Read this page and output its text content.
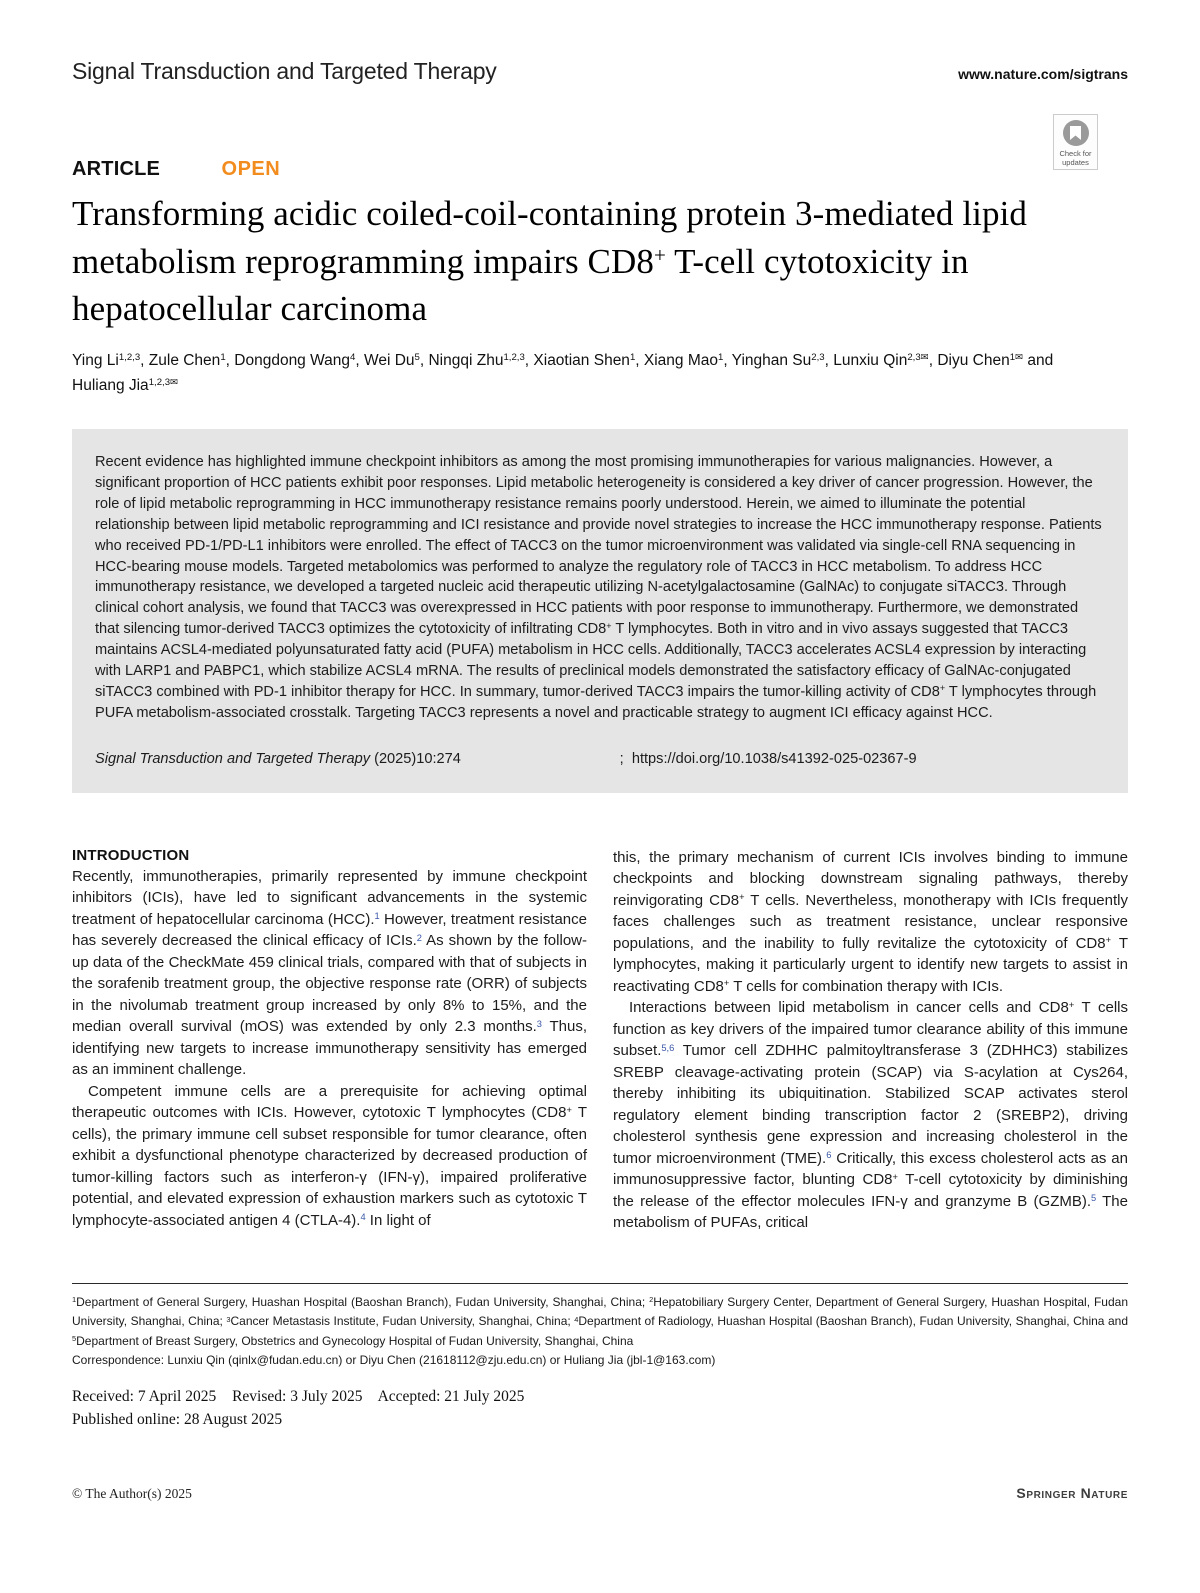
Signal Transduction and Targeted Therapy	www.nature.com/sigtrans
Check for
updates
ARTICLE	OPEN
Transforming acidic coiled-coil-containing protein 3-mediated lipid metabolism reprogramming impairs CD8+ T-cell cytotoxicity in hepatocellular carcinoma

Ying Li$^{1,2,3}$, Zule Chen$^1$, Dongdong Wang$^4$, Wei Du$^5$, Ningqi Zhu$^{1,2,3}$, Xiaotian Shen$^1$, Xiang Mao$^1$, Yinghan Su$^{2,3}$, Lunxiu Qin$^{2,3✉}$, Diyu Chen$^{1✉}$ and Huliang Jia$^{1,2,3✉}$

Recent evidence has highlighted immune checkpoint inhibitors as among the most promising immunotherapies for various malignancies. However, a significant proportion of HCC patients exhibit poor responses. Lipid metabolic heterogeneity is considered a key driver of cancer progression. However, the role of lipid metabolic reprogramming in HCC immunotherapy resistance remains poorly understood. Herein, we aimed to illuminate the potential relationship between lipid metabolic reprogramming and ICI resistance and provide novel strategies to increase the HCC immunotherapy response. Patients who received PD-1/PD-L1 inhibitors were enrolled. The effect of TACC3 on the tumor microenvironment was validated via single-cell RNA sequencing in HCC-bearing mouse models. Targeted metabolomics was performed to analyze the regulatory role of TACC3 in HCC metabolism. To address HCC immunotherapy resistance, we developed a targeted nucleic acid therapeutic utilizing N-acetylgalactosamine (GalNAc) to conjugate siTACC3. Through clinical cohort analysis, we found that TACC3 was overexpressed in HCC patients with poor response to immunotherapy. Furthermore, we demonstrated that silencing tumor-derived TACC3 optimizes the cytotoxicity of infiltrating CD8+ T lymphocytes. Both in vitro and in vivo assays suggested that TACC3 maintains ACSL4-mediated polyunsaturated fatty acid (PUFA) metabolism in HCC cells. Additionally, TACC3 accelerates ACSL4 expression by interacting with LARP1 and PABPC1, which stabilize ACSL4 mRNA. The results of preclinical models demonstrated the satisfactory efficacy of GalNAc-conjugated siTACC3 combined with PD-1 inhibitor therapy for HCC. In summary, tumor-derived TACC3 impairs the tumor-killing activity of CD8+ T lymphocytes through PUFA metabolism-associated crosstalk. Targeting TACC3 represents a novel and practicable strategy to augment ICI efficacy against HCC.

Signal Transduction and Targeted Therapy (2025)10:274	;  https://doi.org/10.1038/s41392-025-02367-9
INTRODUCTION

Recently, immunotherapies, primarily represented by immune checkpoint inhibitors (ICIs), have led to significant advancements in the systemic treatment of hepatocellular carcinoma (HCC).$^1$ However, treatment resistance has severely decreased the clinical efficacy of ICIs.$^2$ As shown by the follow-up data of the CheckMate 459 clinical trials, compared with that of subjects in the sorafenib treatment group, the objective response rate (ORR) of subjects in the nivolumab treatment group increased by only 8% to 15%, and the median overall survival (mOS) was extended by only 2.3 months.$^3$ Thus, identifying new targets to increase immunotherapy sensitivity has emerged as an imminent challenge.

Competent immune cells are a prerequisite for achieving optimal therapeutic outcomes with ICIs. However, cytotoxic T lymphocytes (CD8+ T cells), the primary immune cell subset responsible for tumor clearance, often exhibit a dysfunctional phenotype characterized by decreased production of tumor-killing factors such as interferon-γ (IFN-γ), impaired proliferative potential, and elevated expression of exhaustion markers such as cytotoxic T lymphocyte-associated antigen 4 (CTLA-4).$^4$ In light of

this, the primary mechanism of current ICIs involves binding to immune checkpoints and blocking downstream signaling pathways, thereby reinvigorating CD8+ T cells. Nevertheless, monotherapy with ICIs frequently faces challenges such as treatment resistance, unclear responsive populations, and the inability to fully revitalize the cytotoxicity of CD8+ T lymphocytes, making it particularly urgent to identify new targets to assist in reactivating CD8+ T cells for combination therapy with ICIs.

Interactions between lipid metabolism in cancer cells and CD8+ T cells function as key drivers of the impaired tumor clearance ability of this immune subset.$^{5,6}$ Tumor cell ZDHHC palmitoyltransferase 3 (ZDHHC3) stabilizes SREBP cleavage-activating protein (SCAP) via S-acylation at Cys264, thereby inhibiting its ubiquitination. Stabilized SCAP activates sterol regulatory element binding transcription factor 2 (SREBP2), driving cholesterol synthesis gene expression and increasing cholesterol in the tumor microenvironment (TME).$^6$ Critically, this excess cholesterol acts as an immunosuppressive factor, blunting CD8+ T-cell cytotoxicity by diminishing the release of the effector molecules IFN-γ and granzyme B (GZMB).$^5$ The metabolism of PUFAs, critical

$^1$Department of General Surgery, Huashan Hospital (Baoshan Branch), Fudan University, Shanghai, China; $^2$Hepatobiliary Surgery Center, Department of General Surgery, Huashan Hospital, Fudan University, Shanghai, China; $^3$Cancer Metastasis Institute, Fudan University, Shanghai, China; $^4$Department of Radiology, Huashan Hospital (Baoshan Branch), Fudan University, Shanghai, China and $^5$Department of Breast Surgery, Obstetrics and Gynecology Hospital of Fudan University, Shanghai, China

Correspondence: Lunxiu Qin (qinlx@fudan.edu.cn) or Diyu Chen (21618112@zju.edu.cn) or Huliang Jia (jbl-1@163.com)

Received: 7 April 2025 Revised: 3 July 2025 Accepted: 21 July 2025

Published online: 28 August 2025

© The Author(s) 2025	Springer Nature
